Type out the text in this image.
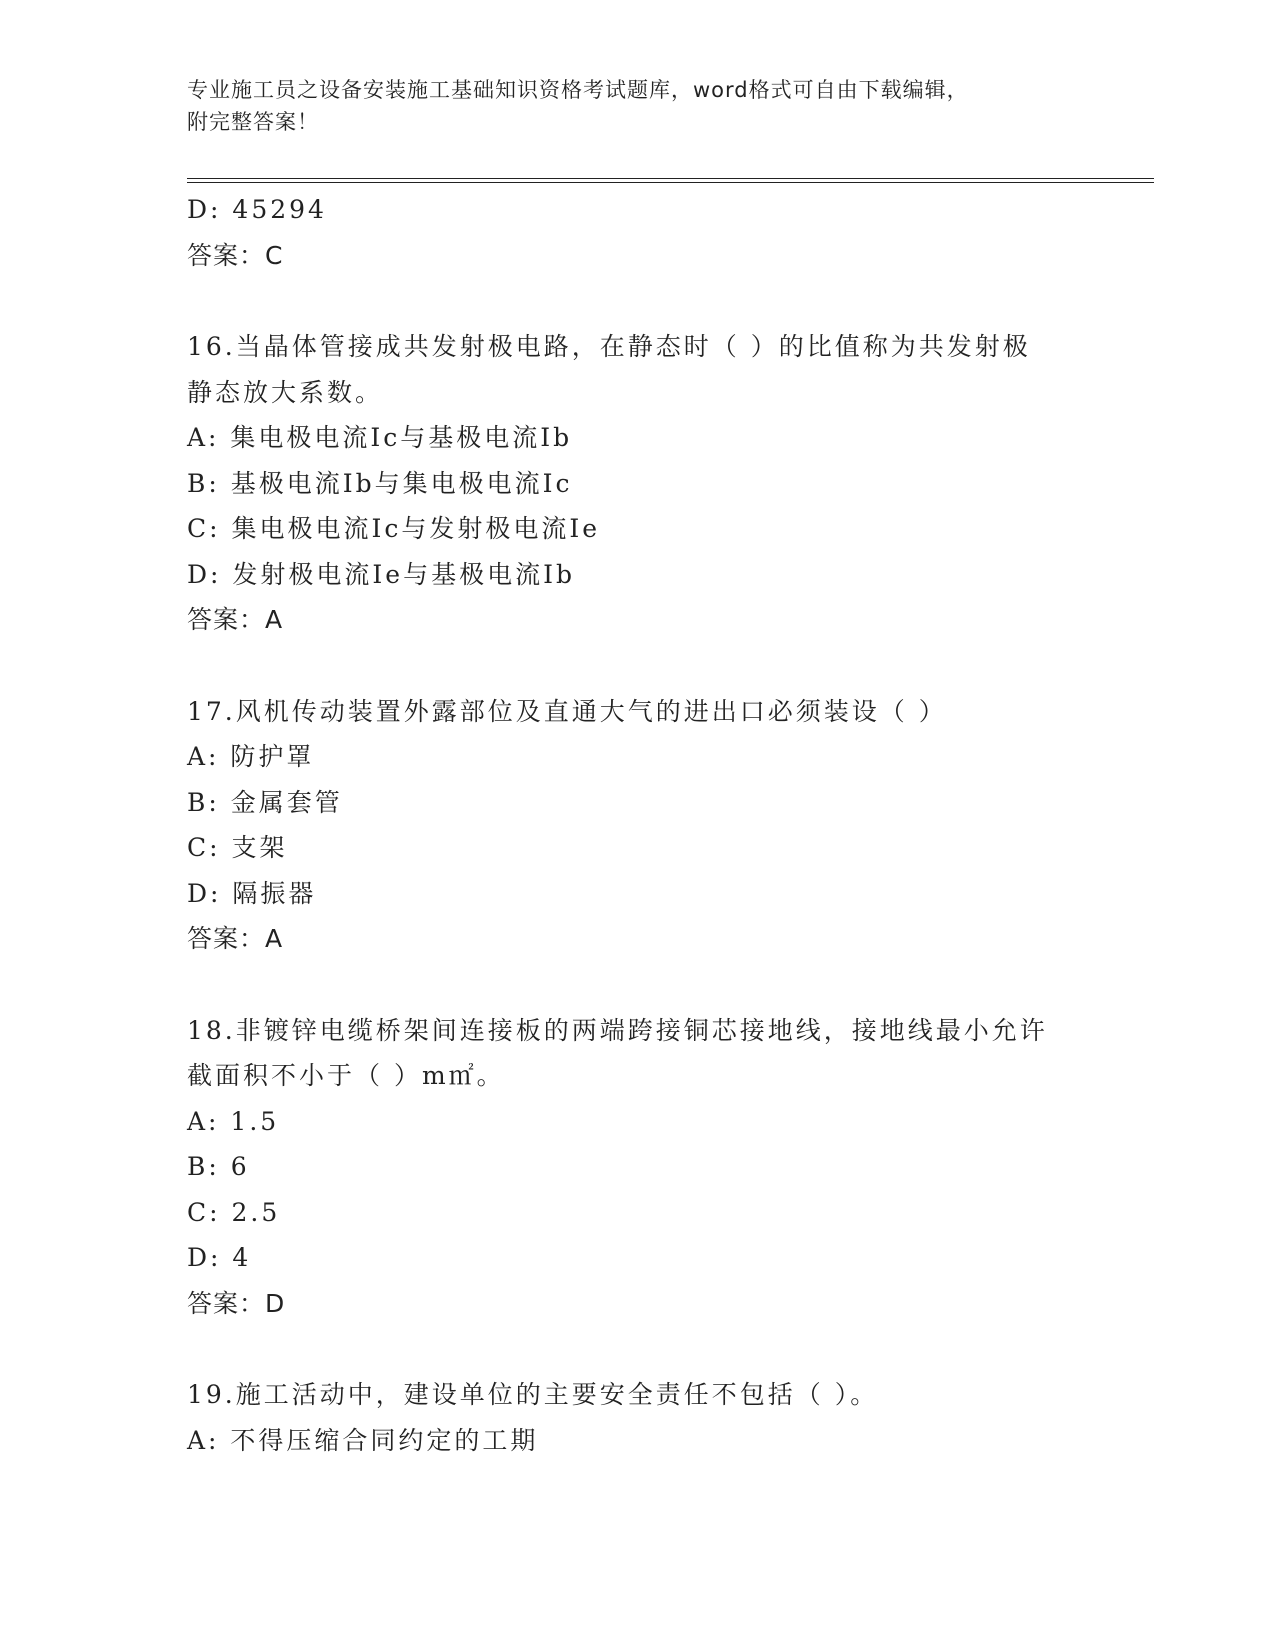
专业施工员之设备安装施工基础知识资格考试题库，word格式可自由下载编辑，
附完整答案！
D: 45294
答案：C
16.当晶体管接成共发射极电路，在静态时（ ）的比值称为共发射极
静态放大系数。
A: 集电极电流Ic与基极电流Ib
B: 基极电流Ib与集电极电流Ic
C: 集电极电流Ic与发射极电流Ie
D: 发射极电流Ie与基极电流Ib
答案：A
17.风机传动装置外露部位及直通大气的进出口必须装设（ ）
A: 防护罩
B: 金属套管
C: 支架
D: 隔振器
答案：A
18.非镀锌电缆桥架间连接板的两端跨接铜芯接地线，接地线最小允许
截面积不小于（ ）m㎡。
A: 1.5
B: 6
C: 2.5
D: 4
答案：D
19.施工活动中，建设单位的主要安全责任不包括（ ）。
A: 不得压缩合同约定的工期
